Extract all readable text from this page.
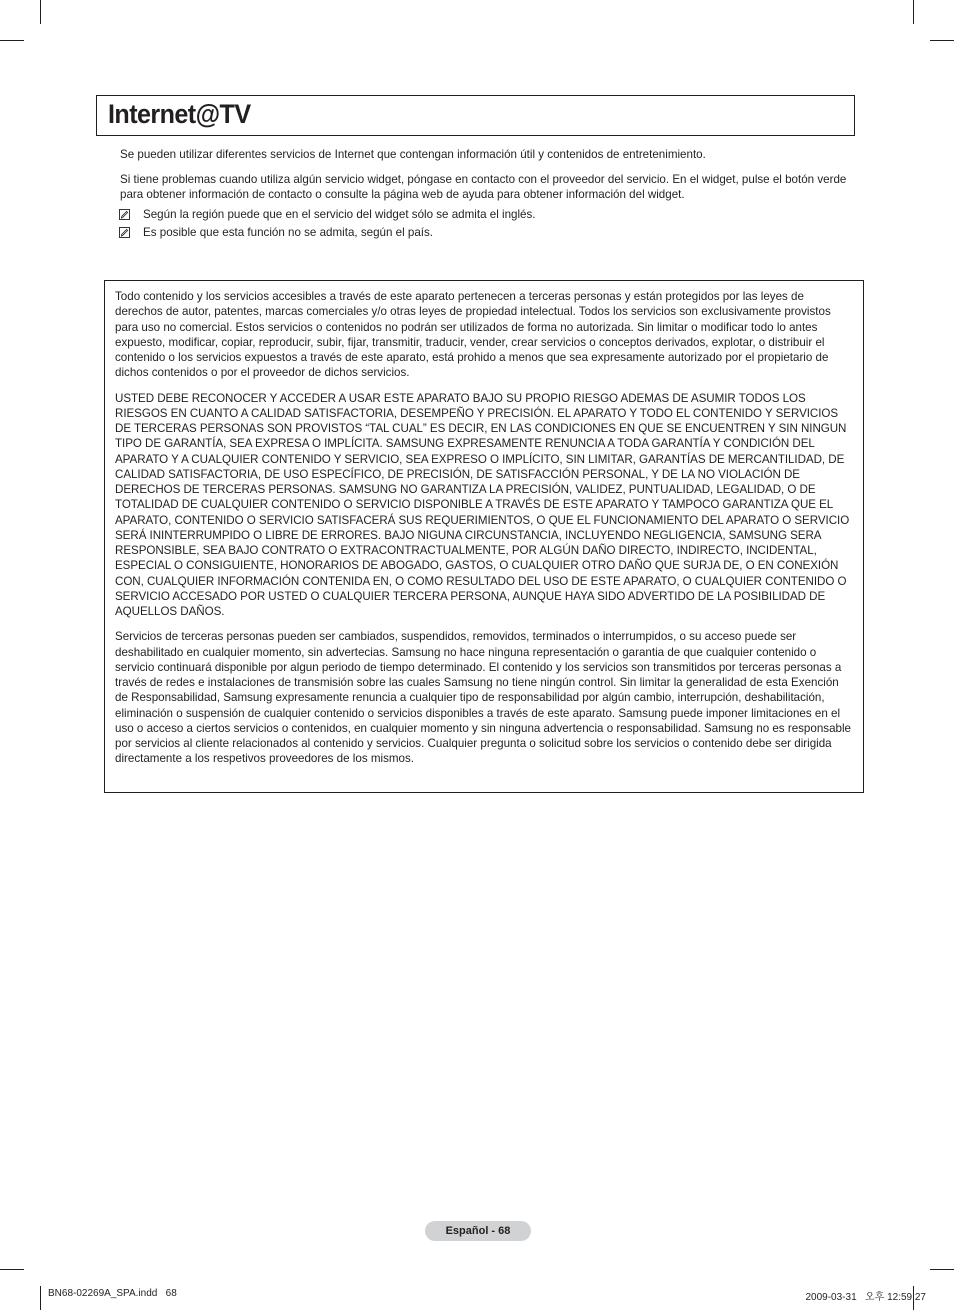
Internet@TV

Se pueden utilizar diferentes servicios de Internet que contengan información útil y contenidos de entretenimiento.

Si tiene problemas cuando utiliza algún servicio widget, póngase en contacto con el proveedor del servicio. En el widget, pulse el botón verde para obtener información de contacto o consulte la página web de ayuda para obtener información del widget.

Según la región puede que en el servicio del widget sólo se admita el inglés.
Es posible que esta función no se admita, según el país.

Todo contenido y los servicios accesibles a través de este aparato pertenecen a terceras personas y están protegidos por las leyes de derechos de autor, patentes, marcas comerciales y/o otras leyes de propiedad intelectual. Todos los servicios son exclusivamente provistos para uso no comercial. Estos servicios o contenidos no podrán ser utilizados de forma no autorizada. Sin limitar o modificar todo lo antes expuesto, modificar, copiar, reproducir, subir, fijar, transmitir, traducir, vender, crear servicios o conceptos derivados, explotar, o distribuir el contenido o los servicios expuestos a través de este aparato, está prohido a menos que sea expresamente autorizado por el propietario de dichos contenidos o por el proveedor de dichos servicios.

USTED DEBE RECONOCER Y ACCEDER A USAR ESTE APARATO BAJO SU PROPIO RIESGO ADEMAS DE ASUMIR TODOS LOS RIESGOS EN CUANTO A CALIDAD SATISFACTORIA, DESEMPEÑO Y PRECISIÓN. EL APARATO Y TODO EL CONTENIDO Y SERVICIOS DE TERCERAS PERSONAS SON PROVISTOS “TAL CUAL” ES DECIR, EN LAS CONDICIONES EN QUE SE ENCUENTREN Y SIN NINGUN TIPO DE GARANTÍA, SEA EXPRESA O IMPLÍCITA. SAMSUNG EXPRESAMENTE RENUNCIA A TODA GARANTÍA Y CONDICIÓN DEL APARATO Y A CUALQUIER CONTENIDO Y SERVICIO, SEA EXPRESO O IMPLÍCITO, SIN LIMITAR, GARANTÍAS DE MERCANTILIDAD, DE CALIDAD SATISFACTORIA, DE USO ESPECÍFICO, DE PRECISIÓN, DE SATISFACCIÓN PERSONAL, Y DE LA NO VIOLACIÓN DE DERECHOS DE TERCERAS PERSONAS. SAMSUNG NO GARANTIZA LA PRECISIÓN, VALIDEZ, PUNTUALIDAD, LEGALIDAD, O DE TOTALIDAD DE CUALQUIER CONTENIDO O SERVICIO DISPONIBLE A TRAVÉS DE ESTE APARATO Y TAMPOCO GARANTIZA QUE EL APARATO, CONTENIDO O SERVICIO SATISFACERÁ SUS REQUERIMIENTOS, O QUE EL FUNCIONAMIENTO DEL APARATO O SERVICIO SERÁ ININTERRUMPIDO O LIBRE DE ERRORES. BAJO NIGUNA CIRCUNSTANCIA, INCLUYENDO NEGLIGENCIA, SAMSUNG SERA RESPONSIBLE, SEA BAJO CONTRATO O EXTRACONTRACTUALMENTE, POR ALGÚN DAÑO DIRECTO, INDIRECTO, INCIDENTAL, ESPECIAL O CONSIGUIENTE, HONORARIOS DE ABOGADO, GASTOS, O CUALQUIER OTRO DAÑO QUE SURJA DE, O EN CONEXIÓN CON, CUALQUIER INFORMACIÓN CONTENIDA EN, O COMO RESULTADO DEL USO DE ESTE APARATO, O CUALQUIER CONTENIDO O SERVICIO ACCESADO POR USTED O CUALQUIER TERCERA PERSONA, AUNQUE HAYA SIDO ADVERTIDO DE LA POSIBILIDAD DE AQUELLOS DAÑOS.

Servicios de terceras personas pueden ser cambiados, suspendidos, removidos, terminados o interrumpidos, o su acceso puede ser deshabilitado en cualquier momento, sin advertecias. Samsung no hace ninguna representación o garantia de que cualquier contenido o servicio continuará disponible por algun periodo de tiempo determinado. El contenido y los servicios son transmitidos por terceras personas a través de redes e instalaciones de transmisión sobre las cuales Samsung no tiene ningún control. Sin limitar la generalidad de esta Exención de Responsabilidad, Samsung expresamente renuncia a cualquier tipo de responsabilidad por algún cambio, interrupción, deshabilitación, eliminación o suspensión de cualquier contenido o servicios disponibles a través de este aparato. Samsung puede imponer limitaciones en el uso o acceso a ciertos servicios o contenidos, en cualquier momento y sin ninguna advertencia o responsabilidad. Samsung no es responsable por servicios al cliente relacionados al contenido y servicios. Cualquier pregunta o solicitud sobre los servicios o contenido debe ser dirigida directamente a los respetivos proveedores de los mismos.

Español - 68
BN68-02269A_SPA.indd   68	2009-03-31   오후 12:59:27
